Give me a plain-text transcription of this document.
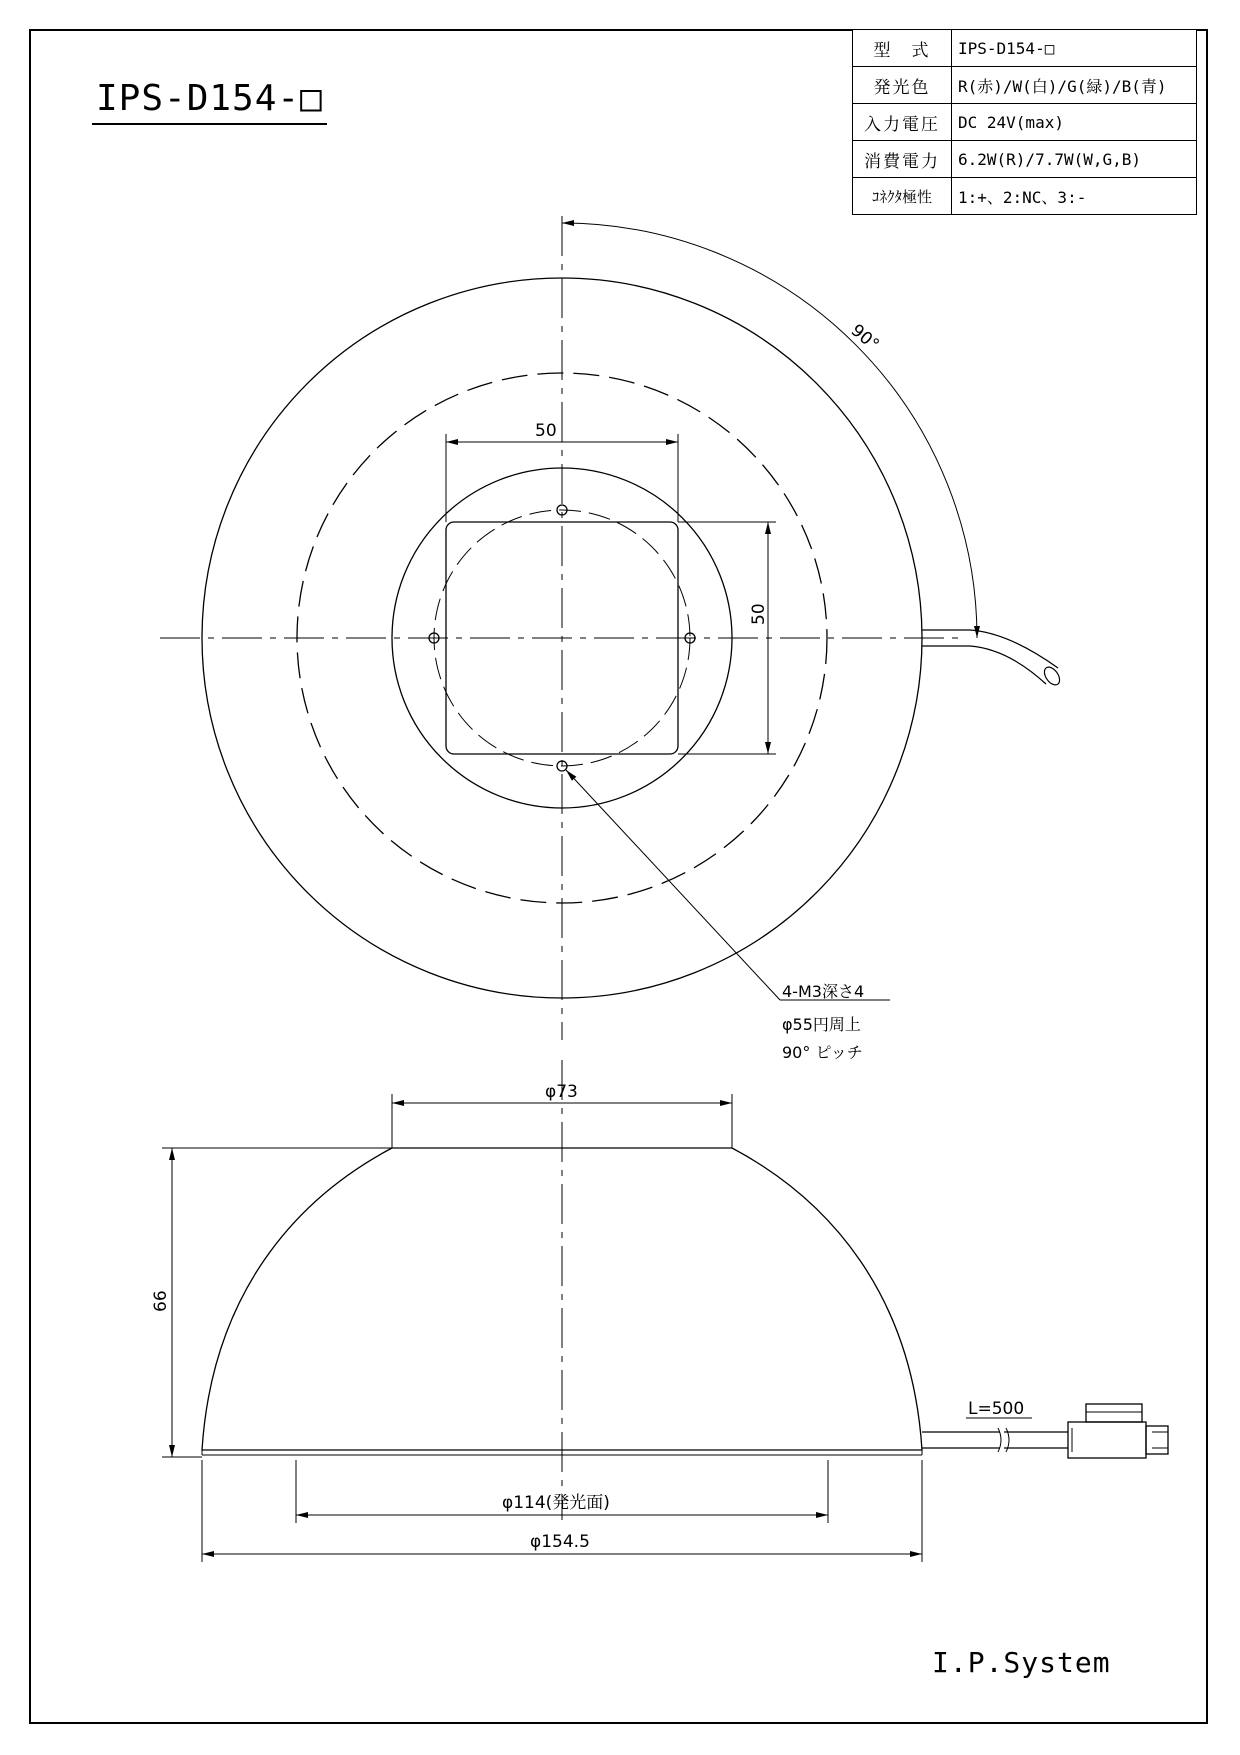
IPS-D154-□
型　式	IPS-D154-□
発光色	R(赤)/W(白)/G(緑)/B(青)
入力電圧	DC 24V(max)
消費電力	6.2W(R)/7.7W(W,G,B)
ｺﾈｸﾀ極性	1:+、2:NC、3:-
50
50
90°
4-M3深さ4
φ55円周上
90° ピッチ
φ73
66
L=500
φ114(発光面)
φ154.5
I.P.System
